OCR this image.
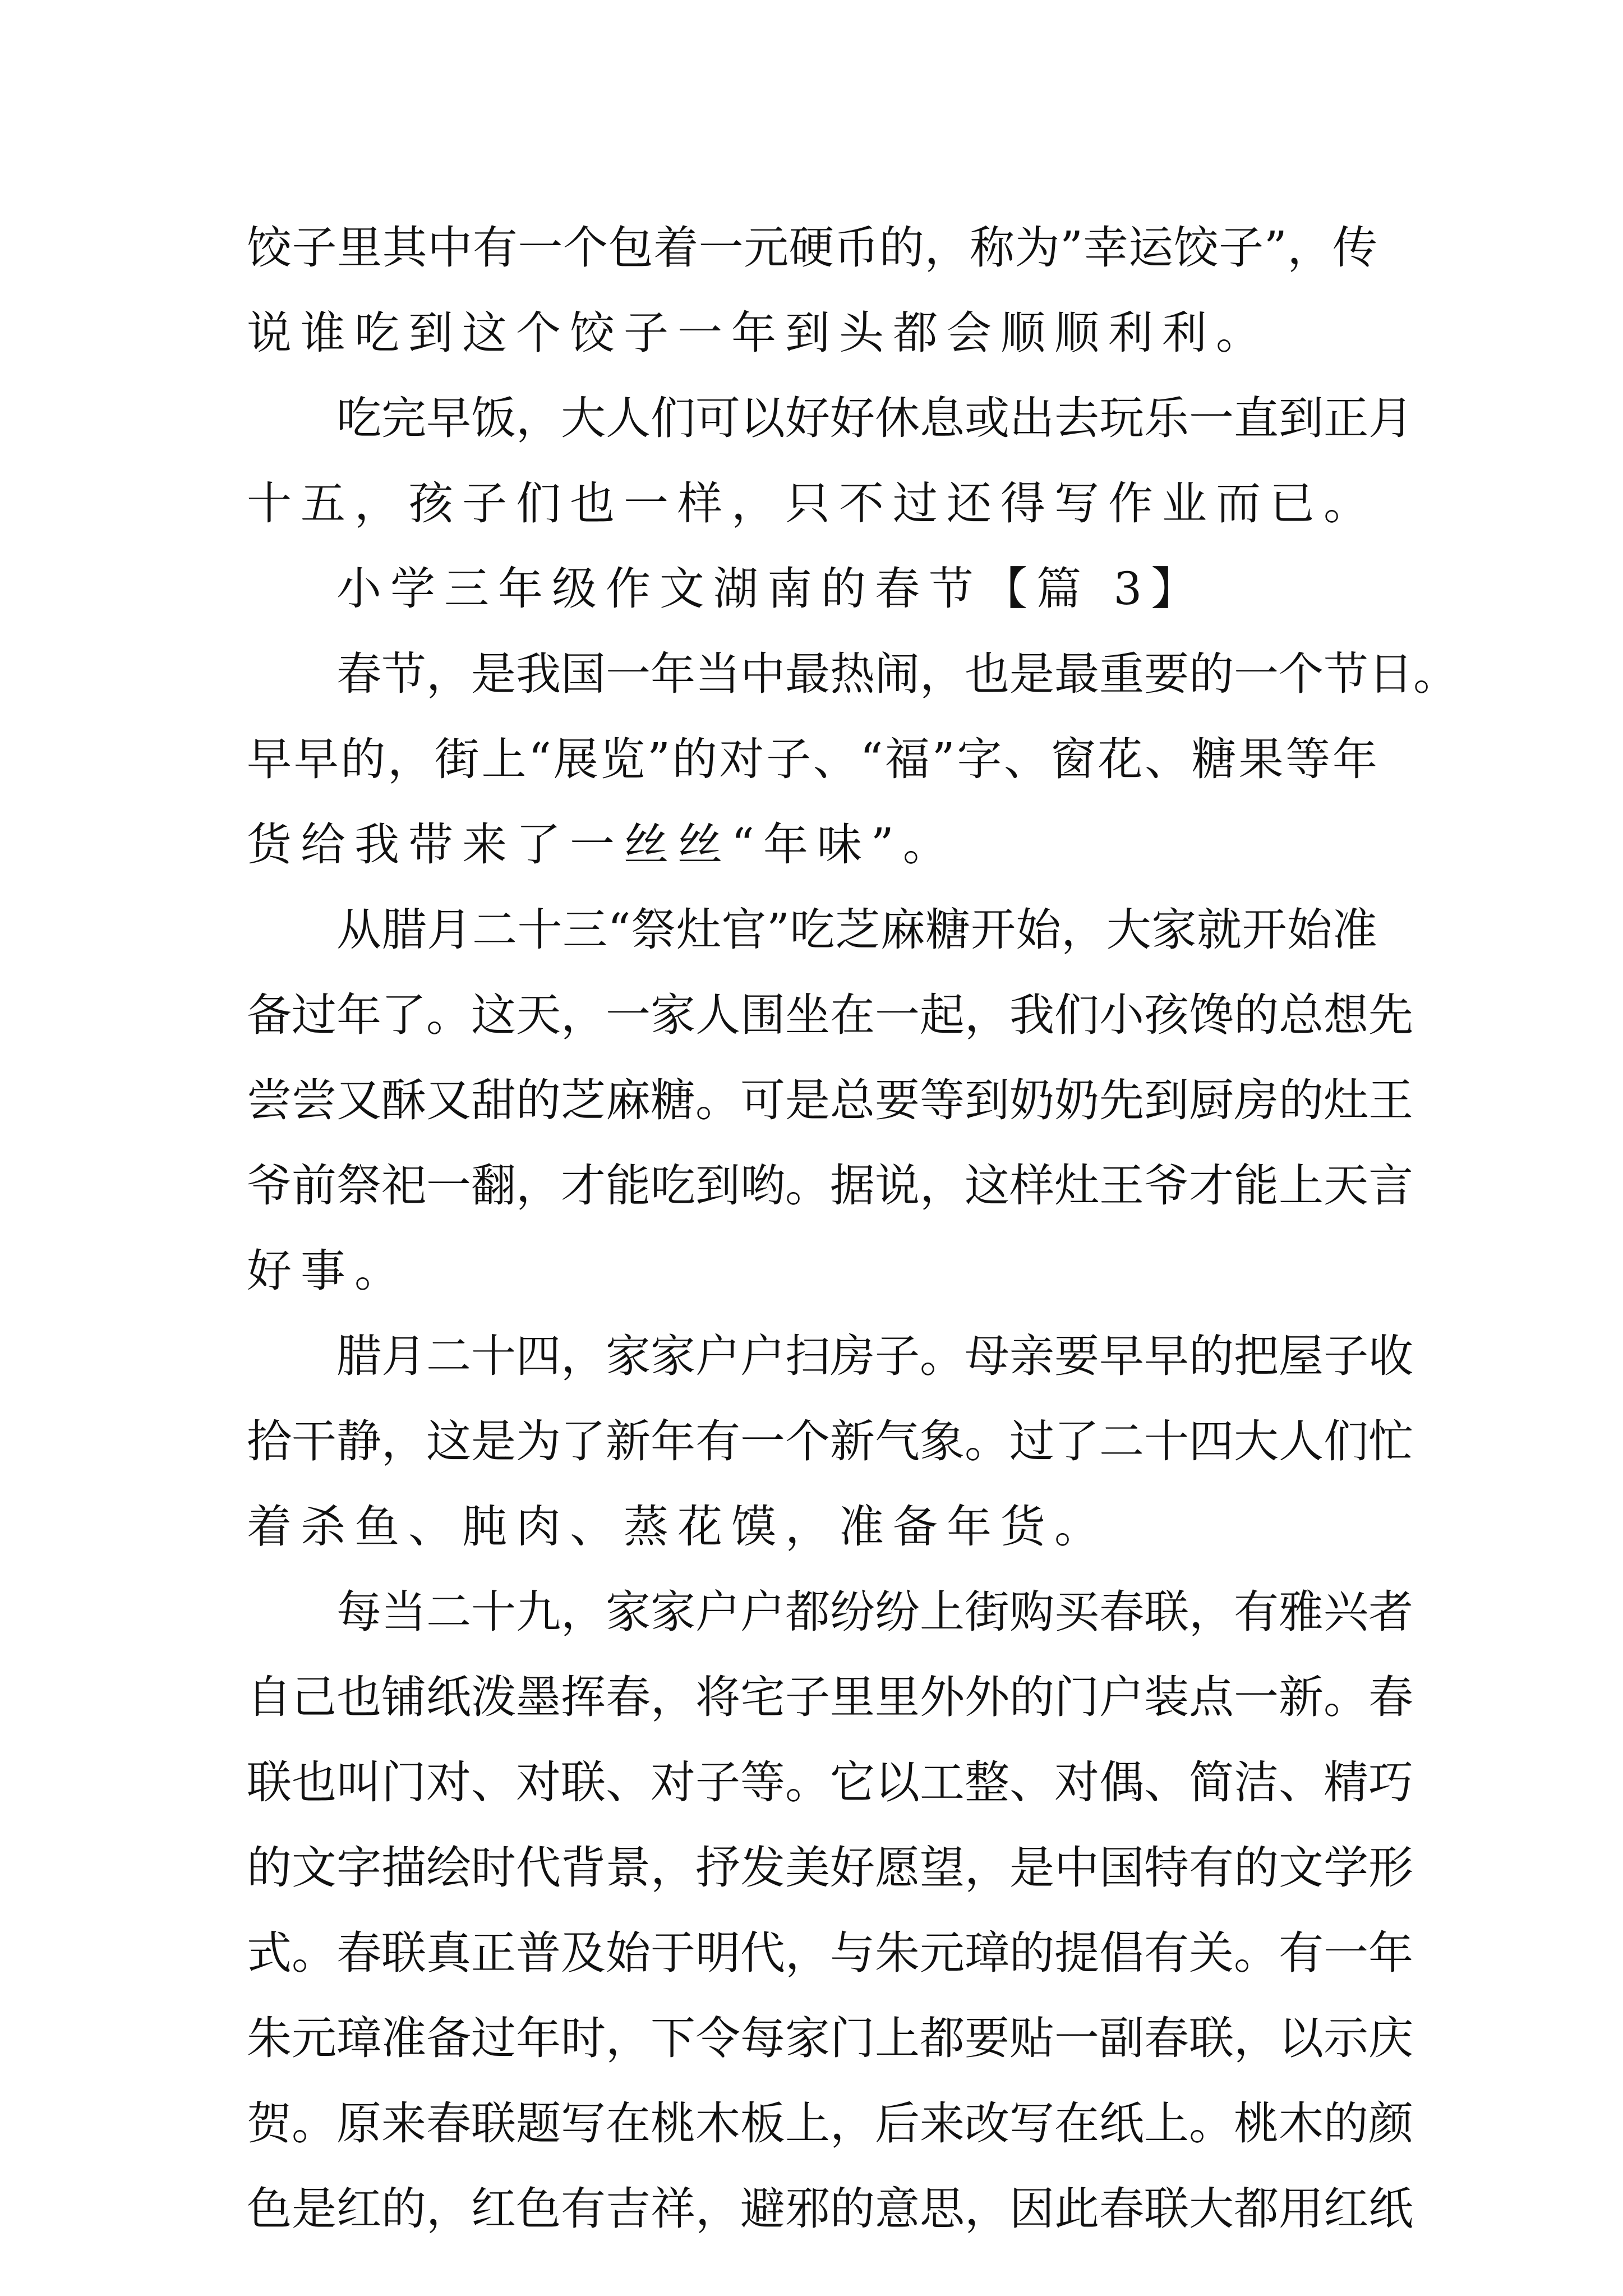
饺 子 里 其 中 有 一 个 包 着 一 元 硬 币 的 ， 称 为 ” 幸 运 饺 子 ” ， 传
说谁吃到这个饺子一年到头都会顺顺利利。
吃 完 早 饭 ， 大 人 们 可 以 好 好 休 息 或 出 去 玩 乐 一 直 到 正 月
十五，孩子们也一样，只不过还得写作业而已。
小学三年级作文湖南的春节【篇 3】
春 节 ， 是 我 国 一 年 当 中 最 热 闹 ， 也 是 最 重 要 的 一 个 节 日 。
早 早 的 ， 街 上 “ 展 览 ” 的 对 子 、 “ 福 ” 字 、 窗 花 、 糖 果 等 年
货给我带来了一丝丝“年味”。
从 腊 月 二 十 三 “ 祭 灶 官 ” 吃 芝 麻 糖 开 始 ， 大 家 就 开 始 准
备 过 年 了 。 这 天 ， 一 家 人 围 坐 在 一 起 ， 我 们 小 孩 馋 的 总 想 先
尝 尝 又 酥 又 甜 的 芝 麻 糖 。 可 是 总 要 等 到 奶 奶 先 到 厨 房 的 灶 王
爷 前 祭 祀 一 翻 ， 才 能 吃 到 哟 。 据 说 ， 这 样 灶 王 爷 才 能 上 天 言
好事。
腊 月 二 十 四 ， 家 家 户 户 扫 房 子 。 母 亲 要 早 早 的 把 屋 子 收
拾 干 静 ， 这 是 为 了 新 年 有 一 个 新 气 象 。 过 了 二 十 四 大 人 们 忙
着杀鱼、肫肉、蒸花馍，准备年货。
每 当 二 十 九 ， 家 家 户 户 都 纷 纷 上 街 购 买 春 联 ， 有 雅 兴 者
自 己 也 铺 纸 泼 墨 挥 春 ， 将 宅 子 里 里 外 外 的 门 户 装 点 一 新 。 春
联 也 叫 门 对 、 对 联 、 对 子 等 。 它 以 工 整 、 对 偶 、 简 洁 、 精 巧
的 文 字 描 绘 时 代 背 景 ， 抒 发 美 好 愿 望 ， 是 中 国 特 有 的 文 学 形
式 。 春 联 真 正 普 及 始 于 明 代 ， 与 朱 元 璋 的 提 倡 有 关 。 有 一 年
朱 元 璋 准 备 过 年 时 ， 下 令 每 家 门 上 都 要 贴 一 副 春 联 ， 以 示 庆
贺 。 原 来 春 联 题 写 在 桃 木 板 上 ， 后 来 改 写 在 纸 上 。 桃 木 的 颜
色 是 红 的 ， 红 色 有 吉 祥 ， 避 邪 的 意 思 ， 因 此 春 联 大 都 用 红 纸
